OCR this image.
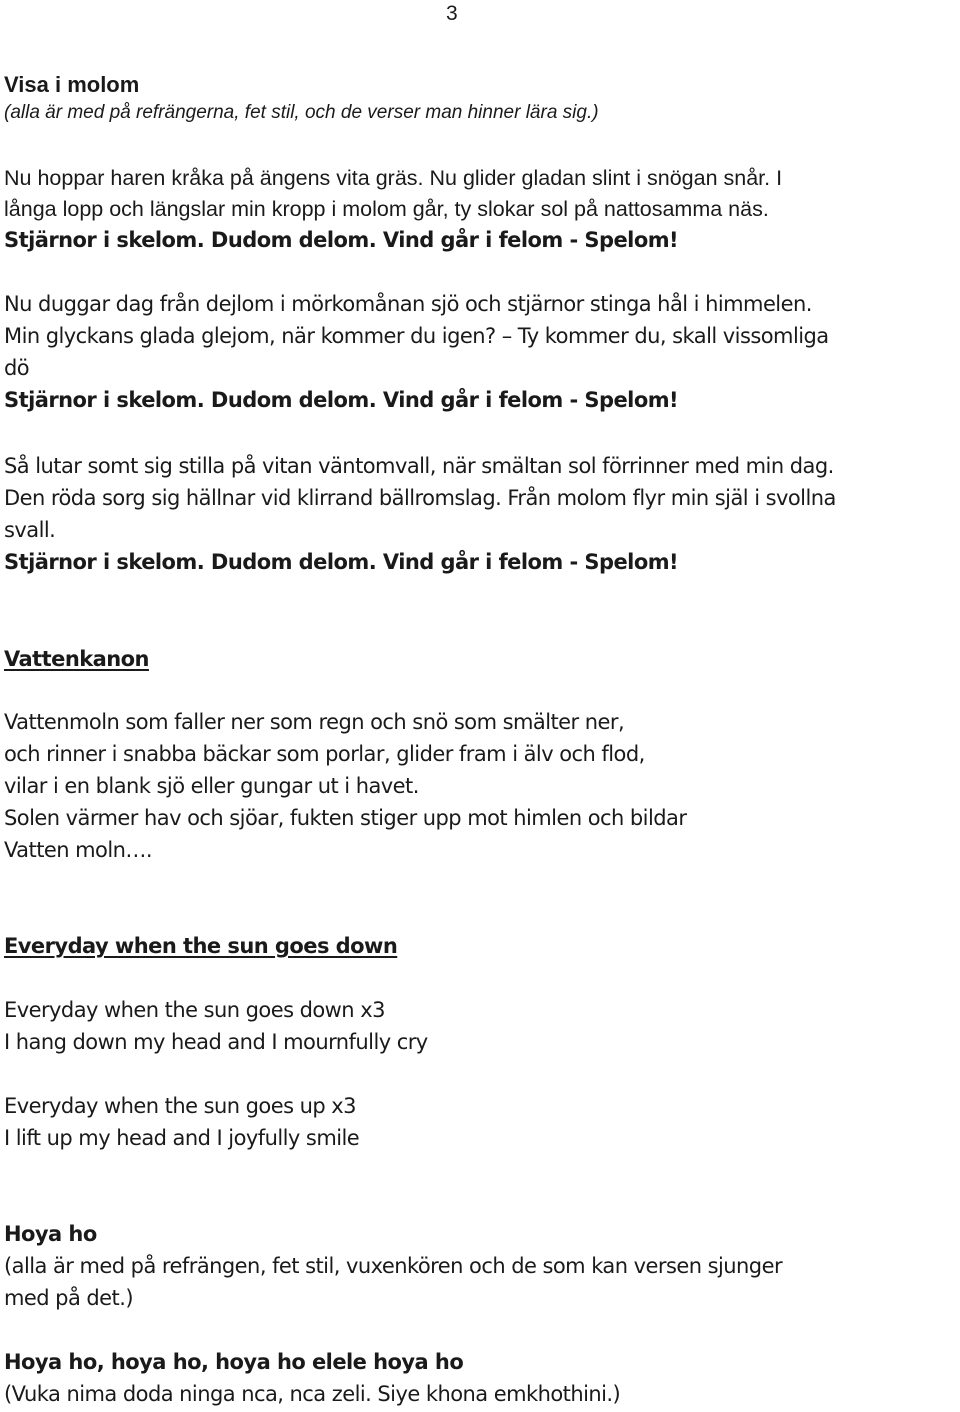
3
Visa i molom
(alla är med på refrängerna, fet stil, och de verser man hinner lära sig.)
Nu hoppar haren kråka på ängens vita gräs. Nu glider gladan slint i snögan snår. I
långa lopp och längslar min kropp i molom går, ty slokar sol på nattosamma näs.
Stjärnor i skelom. Dudom delom. Vind går i felom - Spelom!
Nu duggar dag från dejlom i mörkomånan sjö och stjärnor stinga hål i himmelen.
Min glyckans glada glejom, när kommer du igen? – Ty kommer du, skall vissomliga
dö
Stjärnor i skelom. Dudom delom. Vind går i felom - Spelom!
Så lutar somt sig stilla på vitan väntomvall, när smältan sol förrinner med min dag.
Den röda sorg sig hällnar vid klirrand bällromslag. Från molom flyr min själ i svollna
svall.
Stjärnor i skelom. Dudom delom. Vind går i felom - Spelom!
Vattenkanon
Vattenmoln som faller ner som regn och snö som smälter ner,
och rinner i snabba bäckar som porlar, glider fram i älv och flod,
vilar i en blank sjö eller gungar ut i havet.
Solen värmer hav och sjöar, fukten stiger upp mot himlen och bildar
Vatten moln….
Everyday when the sun goes down
Everyday when the sun goes down x3
I hang down my head and I mournfully cry
Everyday when the sun goes up x3
I lift up my head and I joyfully smile
Hoya ho
(alla är med på refrängen, fet stil, vuxenkören och de som kan versen sjunger
med på det.)
Hoya ho, hoya ho, hoya ho elele hoya ho
(Vuka nima doda ninga nca, nca zeli. Siye khona emkhothini.)
